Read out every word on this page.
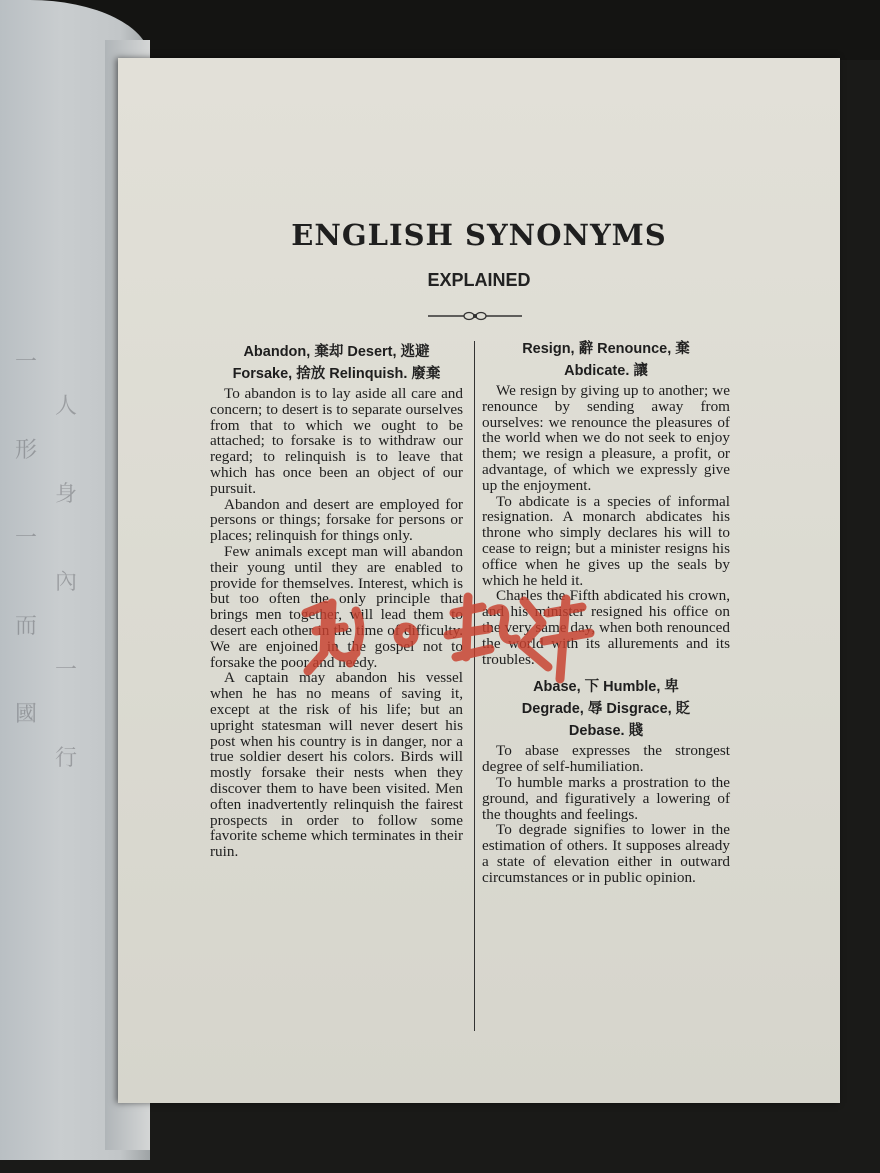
一
人
形
身
一
內
而
一
國
行
ENGLISH SYNONYMS
EXPLAINED
Abandon, 棄却 Desert, 逃避
Forsake, 捨放 Relinquish. 廢棄

To abandon is to lay aside all care and concern; to desert is to separate ourselves from that to which we ought to be attached; to forsake is to withdraw our regard; to relinquish is to leave that which has once been an object of our pursuit.

Abandon and desert are employed for persons or things; forsake for persons or places; relinquish for things only.

Few animals except man will abandon their young until they are enabled to provide for themselves. Interest, which is but too often the only principle that brings men together, will lead them to desert each other in the time of difficulty. We are enjoined in the gospel not to forsake the poor and needy.

A captain may abandon his vessel when he has no means of saving it, except at the risk of his life; but an upright statesman will never desert his post when his country is in danger, nor a true soldier desert his colors. Birds will mostly forsake their nests when they discover them to have been visited. Men often inadvertently relinquish the fairest prospects in order to follow some favorite scheme which terminates in their ruin.

Resign, 辭 Renounce, 棄
Abdicate. 讓

We resign by giving up to another; we renounce by sending away from ourselves: we renounce the pleasures of the world when we do not seek to enjoy them; we resign a pleasure, a profit, or advantage, of which we expressly give up the enjoyment.

To abdicate is a species of informal resignation. A monarch abdicates his throne who simply declares his will to cease to reign; but a minister resigns his office when he gives up the seals by which he held it.

Charles the Fifth abdicated his crown, and his minister resigned his office on the very same day, when both renounced the world with its allurements and its troubles.

Abase, 下 Humble, 卑
Degrade, 辱 Disgrace, 貶
Debase. 賤

To abase expresses the strongest degree of self-humiliation.

To humble marks a prostration to the ground, and figuratively a lowering of the thoughts and feelings.

To degrade signifies to lower in the estimation of others. It supposes already a state of elevation either in outward circumstances or in public opinion.
